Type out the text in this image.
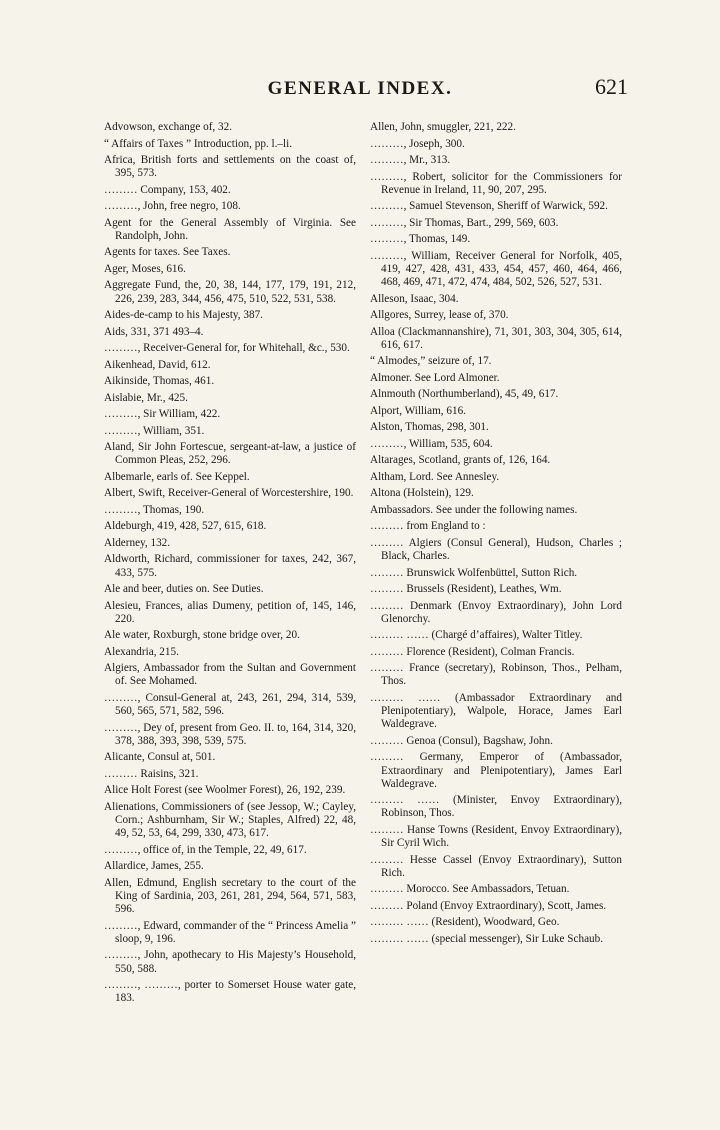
GENERAL INDEX.	621
Advowson, exchange of, 32.
“ Affairs of Taxes ” Introduction, pp. l.–li.
Africa, British forts and settlements on the coast of, 395, 573.
……… Company, 153, 402.
………, John, free negro, 108.
Agent for the General Assembly of Virginia. See Randolph, John.
Agents for taxes. See Taxes.
Ager, Moses, 616.
Aggregate Fund, the, 20, 38, 144, 177, 179, 191, 212, 226, 239, 283, 344, 456, 475, 510, 522, 531, 538.
Aides-de-camp to his Majesty, 387.
Aids, 331, 371 493–4.
………, Receiver-General for, for Whitehall, &c., 530.
Aikenhead, David, 612.
Aikinside, Thomas, 461.
Aislabie, Mr., 425.
………, Sir William, 422.
………, William, 351.
Aland, Sir John Fortescue, sergeant-at-law, a justice of Common Pleas, 252, 296.
Albemarle, earls of. See Keppel.
Albert, Swift, Receiver-General of Worcestershire, 190.
………, Thomas, 190.
Aldeburgh, 419, 428, 527, 615, 618.
Alderney, 132.
Aldworth, Richard, commissioner for taxes, 242, 367, 433, 575.
Ale and beer, duties on. See Duties.
Alesieu, Frances, alias Dumeny, petition of, 145, 146, 220.
Ale water, Roxburgh, stone bridge over, 20.
Alexandria, 215.
Algiers, Ambassador from the Sultan and Government of. See Mohamed.
………, Consul-General at, 243, 261, 294, 314, 539, 560, 565, 571, 582, 596.
………, Dey of, present from Geo. II. to, 164, 314, 320, 378, 388, 393, 398, 539, 575.
Alicante, Consul at, 501.
……… Raisins, 321.
Alice Holt Forest (see Woolmer Forest), 26, 192, 239.
Alienations, Commissioners of (see Jessop, W.; Cayley, Corn.; Ashburnham, Sir W.; Staples, Alfred) 22, 48, 49, 52, 53, 64, 299, 330, 473, 617.
………, office of, in the Temple, 22, 49, 617.
Allardice, James, 255.
Allen, Edmund, English secretary to the court of the King of Sardinia, 203, 261, 281, 294, 564, 571, 583, 596.
………, Edward, commander of the “ Princess Amelia ” sloop, 9, 196.
………, John, apothecary to His Majesty’s Household, 550, 588.
………, ………, porter to Somerset House water gate, 183.
Allen, John, smuggler, 221, 222.
………, Joseph, 300.
………, Mr., 313.
………, Robert, solicitor for the Commissioners for Revenue in Ireland, 11, 90, 207, 295.
………, Samuel Stevenson, Sheriff of Warwick, 592.
………, Sir Thomas, Bart., 299, 569, 603.
………, Thomas, 149.
………, William, Receiver General for Norfolk, 405, 419, 427, 428, 431, 433, 454, 457, 460, 464, 466, 468, 469, 471, 472, 474, 484, 502, 526, 527, 531.
Alleson, Isaac, 304.
Allgores, Surrey, lease of, 370.
Alloa (Clackmannanshire), 71, 301, 303, 304, 305, 614, 616, 617.
“ Almodes,” seizure of, 17.
Almoner. See Lord Almoner.
Alnmouth (Northumberland), 45, 49, 617.
Alport, William, 616.
Alston, Thomas, 298, 301.
………, William, 535, 604.
Altarages, Scotland, grants of, 126, 164.
Altham, Lord. See Annesley.
Altona (Holstein), 129.
Ambassadors. See under the following names.
……… from England to :
……… Algiers (Consul General), Hudson, Charles ; Black, Charles.
……… Brunswick Wolfenbüttel, Sutton Rich.
……… Brussels (Resident), Leathes, Wm.
……… Denmark (Envoy Extraordinary), John Lord Glenorchy.
……… …… (Chargé d’affaires), Walter Titley.
……… Florence (Resident), Colman Francis.
……… France (secretary), Robinson, Thos., Pelham, Thos.
……… …… (Ambassador Extraordinary and Plenipotentiary), Walpole, Horace, James Earl Waldegrave.
……… Genoa (Consul), Bagshaw, John.
……… Germany, Emperor of (Ambassador, Extraordinary and Plenipotentiary), James Earl Waldegrave.
……… …… (Minister, Envoy Extraordinary), Robinson, Thos.
……… Hanse Towns (Resident, Envoy Extraordinary), Sir Cyril Wich.
……… Hesse Cassel (Envoy Extraordinary), Sutton Rich.
……… Morocco. See Ambassadors, Tetuan.
……… Poland (Envoy Extraordinary), Scott, James.
……… …… (Resident), Woodward, Geo.
……… …… (special messenger), Sir Luke Schaub.
